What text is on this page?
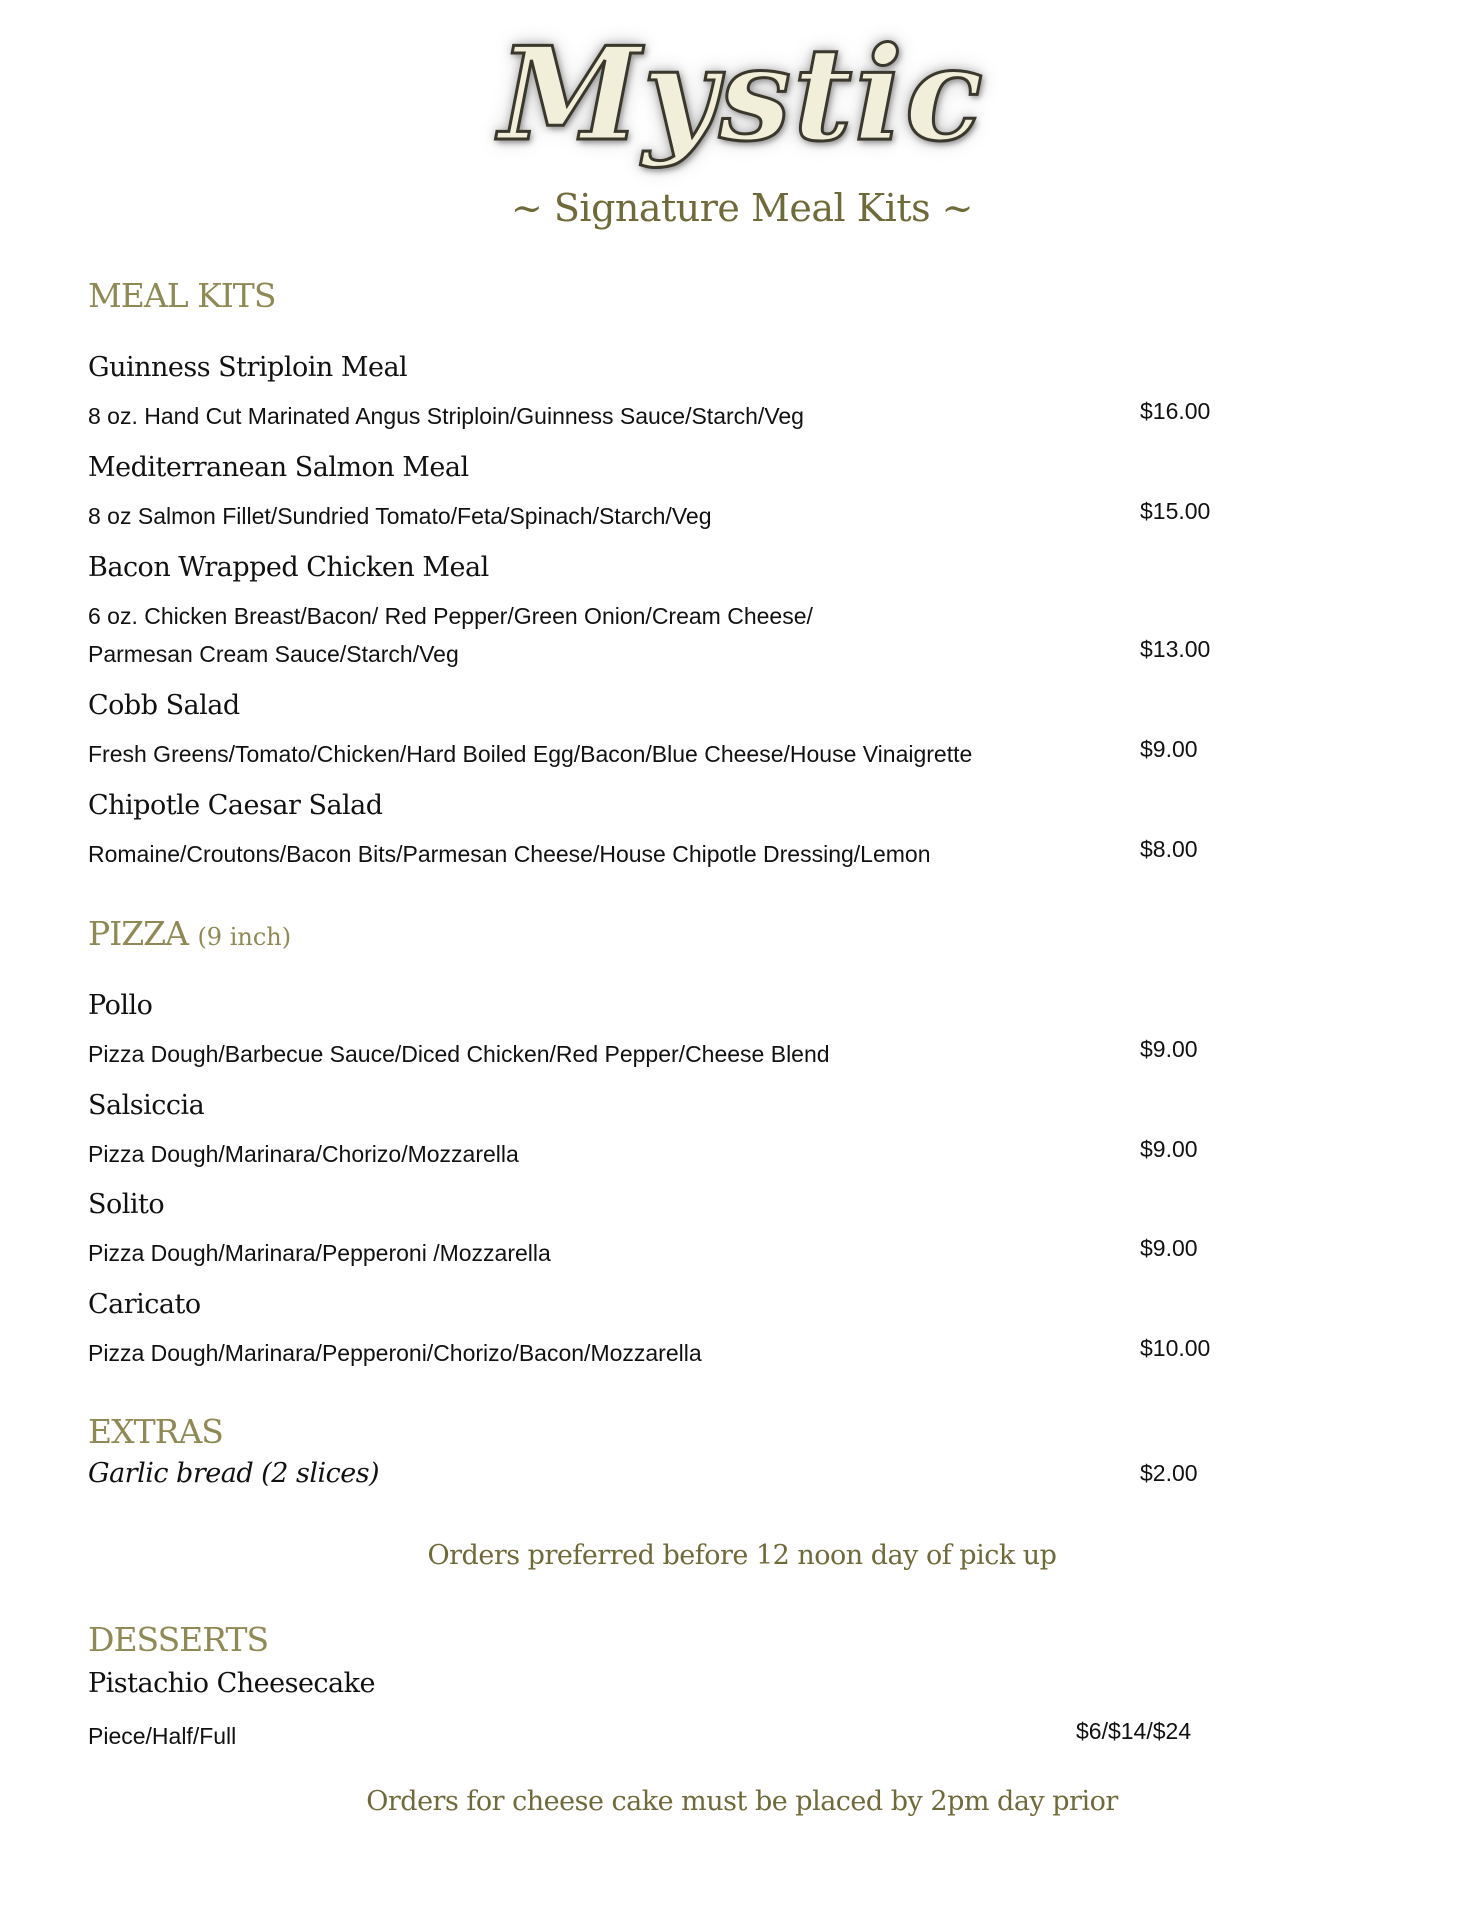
Mystic
~ Signature Meal Kits ~
MEAL KITS
Guinness Striploin Meal
8 oz. Hand Cut Marinated Angus Striploin/Guinness Sauce/Starch/Veg	$16.00
Mediterranean Salmon Meal
8 oz Salmon Fillet/Sundried Tomato/Feta/Spinach/Starch/Veg	$15.00
Bacon Wrapped Chicken Meal
6 oz. Chicken Breast/Bacon/ Red Pepper/Green Onion/Cream Cheese/
Parmesan Cream Sauce/Starch/Veg	$13.00
Cobb Salad
Fresh Greens/Tomato/Chicken/Hard Boiled Egg/Bacon/Blue Cheese/House Vinaigrette	$9.00
Chipotle Caesar Salad
Romaine/Croutons/Bacon Bits/Parmesan Cheese/House Chipotle Dressing/Lemon	$8.00
PIZZA (9 inch)
Pollo
Pizza Dough/Barbecue Sauce/Diced Chicken/Red Pepper/Cheese Blend	$9.00
Salsiccia
Pizza Dough/Marinara/Chorizo/Mozzarella	$9.00
Solito
Pizza Dough/Marinara/Pepperoni /Mozzarella	$9.00
Caricato
Pizza Dough/Marinara/Pepperoni/Chorizo/Bacon/Mozzarella	$10.00
EXTRAS
Garlic bread (2 slices)	$2.00
Orders preferred before 12 noon day of pick up
DESSERTS
Pistachio Cheesecake
Piece/Half/Full	$6/$14/$24
Orders for cheese cake must be placed by 2pm day prior
